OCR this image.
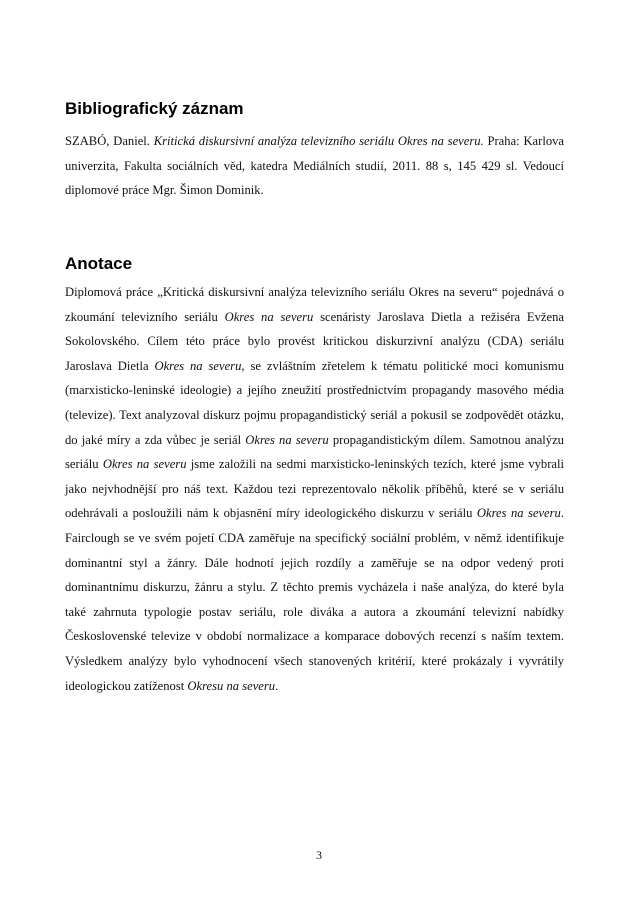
Bibliografický záznam

SZABÓ, Daniel. Kritická diskursivní analýza televizního seriálu Okres na severu. Praha: Karlova univerzita, Fakulta sociálních věd, katedra Mediálních studií, 2011. 88 s, 145 429 sl. Vedoucí diplomové práce Mgr. Šimon Dominik.

Anotace

Diplomová práce „Kritická diskursivní analýza televizního seriálu Okres na severu“ pojednává o zkoumání televizního seriálu Okres na severu scenáristy Jaroslava Dietla a režiséra Evžena Sokolovského. Cílem této práce bylo provést kritickou diskurzivní analýzu (CDA) seriálu Jaroslava Dietla Okres na severu, se zvláštním zřetelem k tématu politické moci komunismu (marxisticko-leninské ideologie) a jejího zneužití prostřednictvím propagandy masového média (televize). Text analyzoval diskurz pojmu propagandistický seriál a pokusil se zodpovědět otázku, do jaké míry a zda vůbec je seriál Okres na severu propagandistickým dílem. Samotnou analýzu seriálu Okres na severu jsme založili na sedmi marxisticko-leninských tezích, které jsme vybrali jako nejvhodnější pro náš text. Každou tezi reprezentovalo několik příběhů, které se v seriálu odehrávali a posloužili nám k objasnění míry ideologického diskurzu v seriálu Okres na severu. Fairclough se ve svém pojetí CDA zaměřuje na specifický sociální problém, v němž identifikuje dominantní styl a žánry. Dále hodnotí jejich rozdíly a zaměřuje se na odpor vedený proti dominantnímu diskurzu, žánru a stylu. Z těchto premis vycházela i naše analýza, do které byla také zahrnuta typologie postav seriálu, role diváka a autora a zkoumání televizní nabídky Československé televize v období normalizace a komparace dobových recenzí s naším textem. Výsledkem analýzy bylo vyhodnocení všech stanovených kritérií, které prokázaly i vyvrátily ideologickou zatíženost Okresu na severu.

3
